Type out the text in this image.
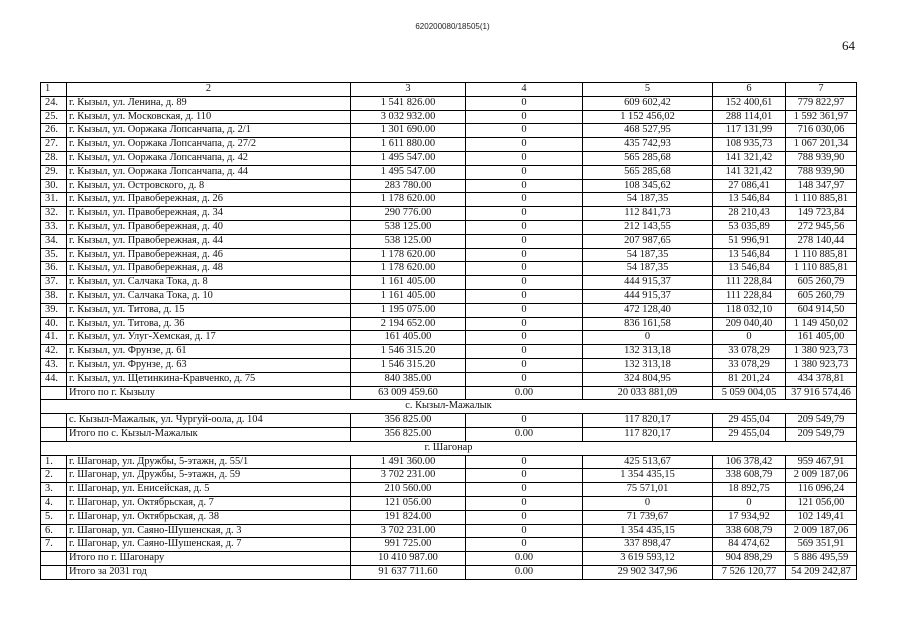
620200080/18505(1)
64
1	2	3	4	5	6	7
24.	г. Кызыл, ул. Ленина, д. 89	1 541 826.00	0	609 602,42	152 400,61	779 822,97
25.	г. Кызыл, ул. Московская, д. 110	3 032 932.00	0	1 152 456,02	288 114,01	1 592 361,97
26.	г. Кызыл, ул. Ооржака Лопсанчапа, д. 2/1	1 301 690.00	0	468 527,95	117 131,99	716 030,06
27.	г. Кызыл, ул. Ооржака Лопсанчапа, д. 27/2	1 611 880.00	0	435 742,93	108 935,73	1 067 201,34
28.	г. Кызыл, ул. Ооржака Лопсанчапа, д. 42	1 495 547.00	0	565 285,68	141 321,42	788 939,90
29.	г. Кызыл, ул. Ооржака Лопсанчапа, д. 44	1 495 547.00	0	565 285,68	141 321,42	788 939,90
30.	г. Кызыл, ул. Островского, д. 8	283 780.00	0	108 345,62	27 086,41	148 347,97
31.	г. Кызыл, ул. Правобережная, д. 26	1 178 620.00	0	54 187,35	13 546,84	1 110 885,81
32.	г. Кызыл, ул. Правобережная, д. 34	290 776.00	0	112 841,73	28 210,43	149 723,84
33.	г. Кызыл, ул. Правобережная, д. 40	538 125.00	0	212 143,55	53 035,89	272 945,56
34.	г. Кызыл, ул. Правобережная, д. 44	538 125.00	0	207 987,65	51 996,91	278 140,44
35.	г. Кызыл, ул. Правобережная, д. 46	1 178 620.00	0	54 187,35	13 546,84	1 110 885,81
36.	г. Кызыл, ул. Правобережная, д. 48	1 178 620.00	0	54 187,35	13 546,84	1 110 885,81
37.	г. Кызыл, ул. Салчака Тока, д. 8	1 161 405.00	0	444 915,37	111 228,84	605 260,79
38.	г. Кызыл, ул. Салчака Тока, д. 10	1 161 405.00	0	444 915,37	111 228,84	605 260,79
39.	г. Кызыл, ул. Титова, д. 15	1 195 075.00	0	472 128,40	118 032,10	604 914,50
40.	г. Кызыл, ул. Титова, д. 36	2 194 652.00	0	836 161,58	209 040,40	1 149 450,02
41.	г. Кызыл, ул. Улуг-Хемская, д. 17	161 405.00	0	0	0	161 405,00
42.	г. Кызыл, ул. Фрунзе, д. 61	1 546 315.20	0	132 313,18	33 078,29	1 380 923,73
43.	г. Кызыл, ул. Фрунзе, д. 63	1 546 315.20	0	132 313,18	33 078,29	1 380 923,73
44.	г. Кызыл, ул. Щетинкина-Кравченко, д. 75	840 385.00	0	324 804,95	81 201,24	434 378,81
	Итого по г. Кызылу	63 009 459.60	0.00	20 033 881,09	5 059 004,05	37 916 574,46
с. Кызыл-Мажалык						
	с. Кызыл-Мажалык, ул. Чургуй-оола, д. 104	356 825.00	0	117 820,17	29 455,04	209 549,79
	Итого по с. Кызыл-Мажалык	356 825.00	0.00	117 820,17	29 455,04	209 549,79
г. Шагонар						
1.	г. Шагонар, ул. Дружбы, 5-этажн, д. 55/1	1 491 360.00	0	425 513,67	106 378,42	959 467,91
2.	г. Шагонар, ул. Дружбы, 5-этажн, д. 59	3 702 231.00	0	1 354 435,15	338 608,79	2 009 187,06
3.	г. Шагонар, ул. Енисейская, д. 5	210 560.00	0	75 571,01	18 892,75	116 096,24
4.	г. Шагонар, ул. Октябрьская, д. 7	121 056.00	0	0	0	121 056,00
5.	г. Шагонар, ул. Октябрьская, д. 38	191 824.00	0	71 739,67	17 934,92	102 149,41
6.	г. Шагонар, ул. Саяно-Шушенская, д. 3	3 702 231.00	0	1 354 435,15	338 608,79	2 009 187,06
7.	г. Шагонар, ул. Саяно-Шушенская, д. 7	991 725.00	0	337 898,47	84 474,62	569 351,91
	Итого по г. Шагонару	10 410 987.00	0.00	3 619 593,12	904 898,29	5 886 495,59
	Итого за 2031 год	91 637 711.60	0.00	29 902 347,96	7 526 120,77	54 209 242,87
